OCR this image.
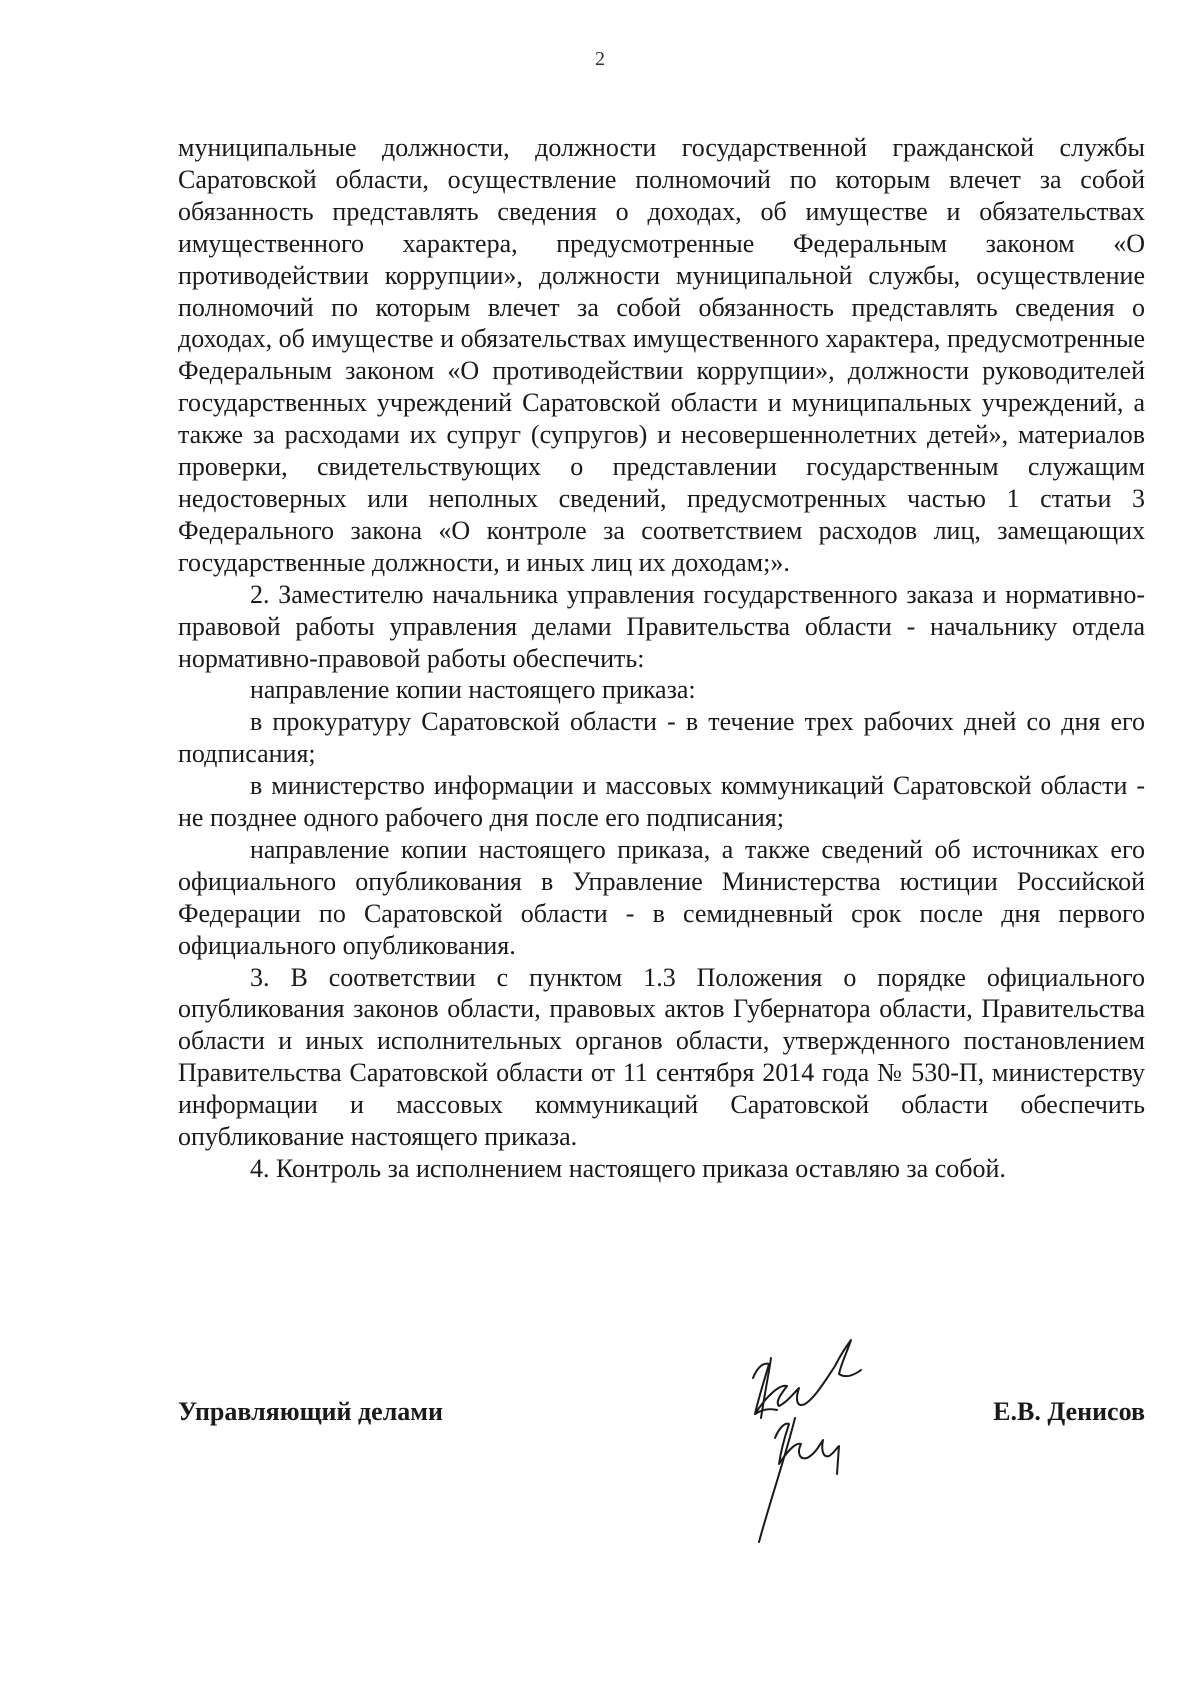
2

муниципальные должности, должности государственной гражданской службы Саратовской области, осуществление полномочий по которым влечет за собой обязанность представлять сведения о доходах, об имуществе и обязательствах имущественного характера, предусмотренные Федеральным законом «О противодействии коррупции», должности муниципальной службы, осуществление полномочий по которым влечет за собой обязанность представлять сведения о доходах, об имуществе и обязательствах имущественного характера, предусмотренные Федеральным законом «О противодействии коррупции», должности руководителей государственных учреждений Саратовской области и муниципальных учреждений, а также за расходами их супруг (супругов) и несовершеннолетних детей», материалов проверки, свидетельствующих о представлении государственным служащим недостоверных или неполных сведений, предусмотренных частью 1 статьи 3 Федерального закона «О контроле за соответствием расходов лиц, замещающих государственные должности, и иных лиц их доходам;».

2. Заместителю начальника управления государственного заказа и нормативно-правовой работы управления делами Правительства области - начальнику отдела нормативно-правовой работы обеспечить:

направление копии настоящего приказа:

в прокуратуру Саратовской области - в течение трех рабочих дней со дня его подписания;

в министерство информации и массовых коммуникаций Саратовской области - не позднее одного рабочего дня после его подписания;

направление копии настоящего приказа, а также сведений об источниках его официального опубликования в Управление Министерства юстиции Российской Федерации по Саратовской области - в семидневный срок после дня первого официального опубликования.

3. В соответствии с пунктом 1.3 Положения о порядке официального опубликования законов области, правовых актов Губернатора области, Правительства области и иных исполнительных органов области, утвержденного постановлением Правительства Саратовской области от 11 сентября 2014 года № 530-П, министерству информации и массовых коммуникаций Саратовской области обеспечить опубликование настоящего приказа.

4. Контроль за исполнением настоящего приказа оставляю за собой.

Управляющий делами	Е.В. Денисов
